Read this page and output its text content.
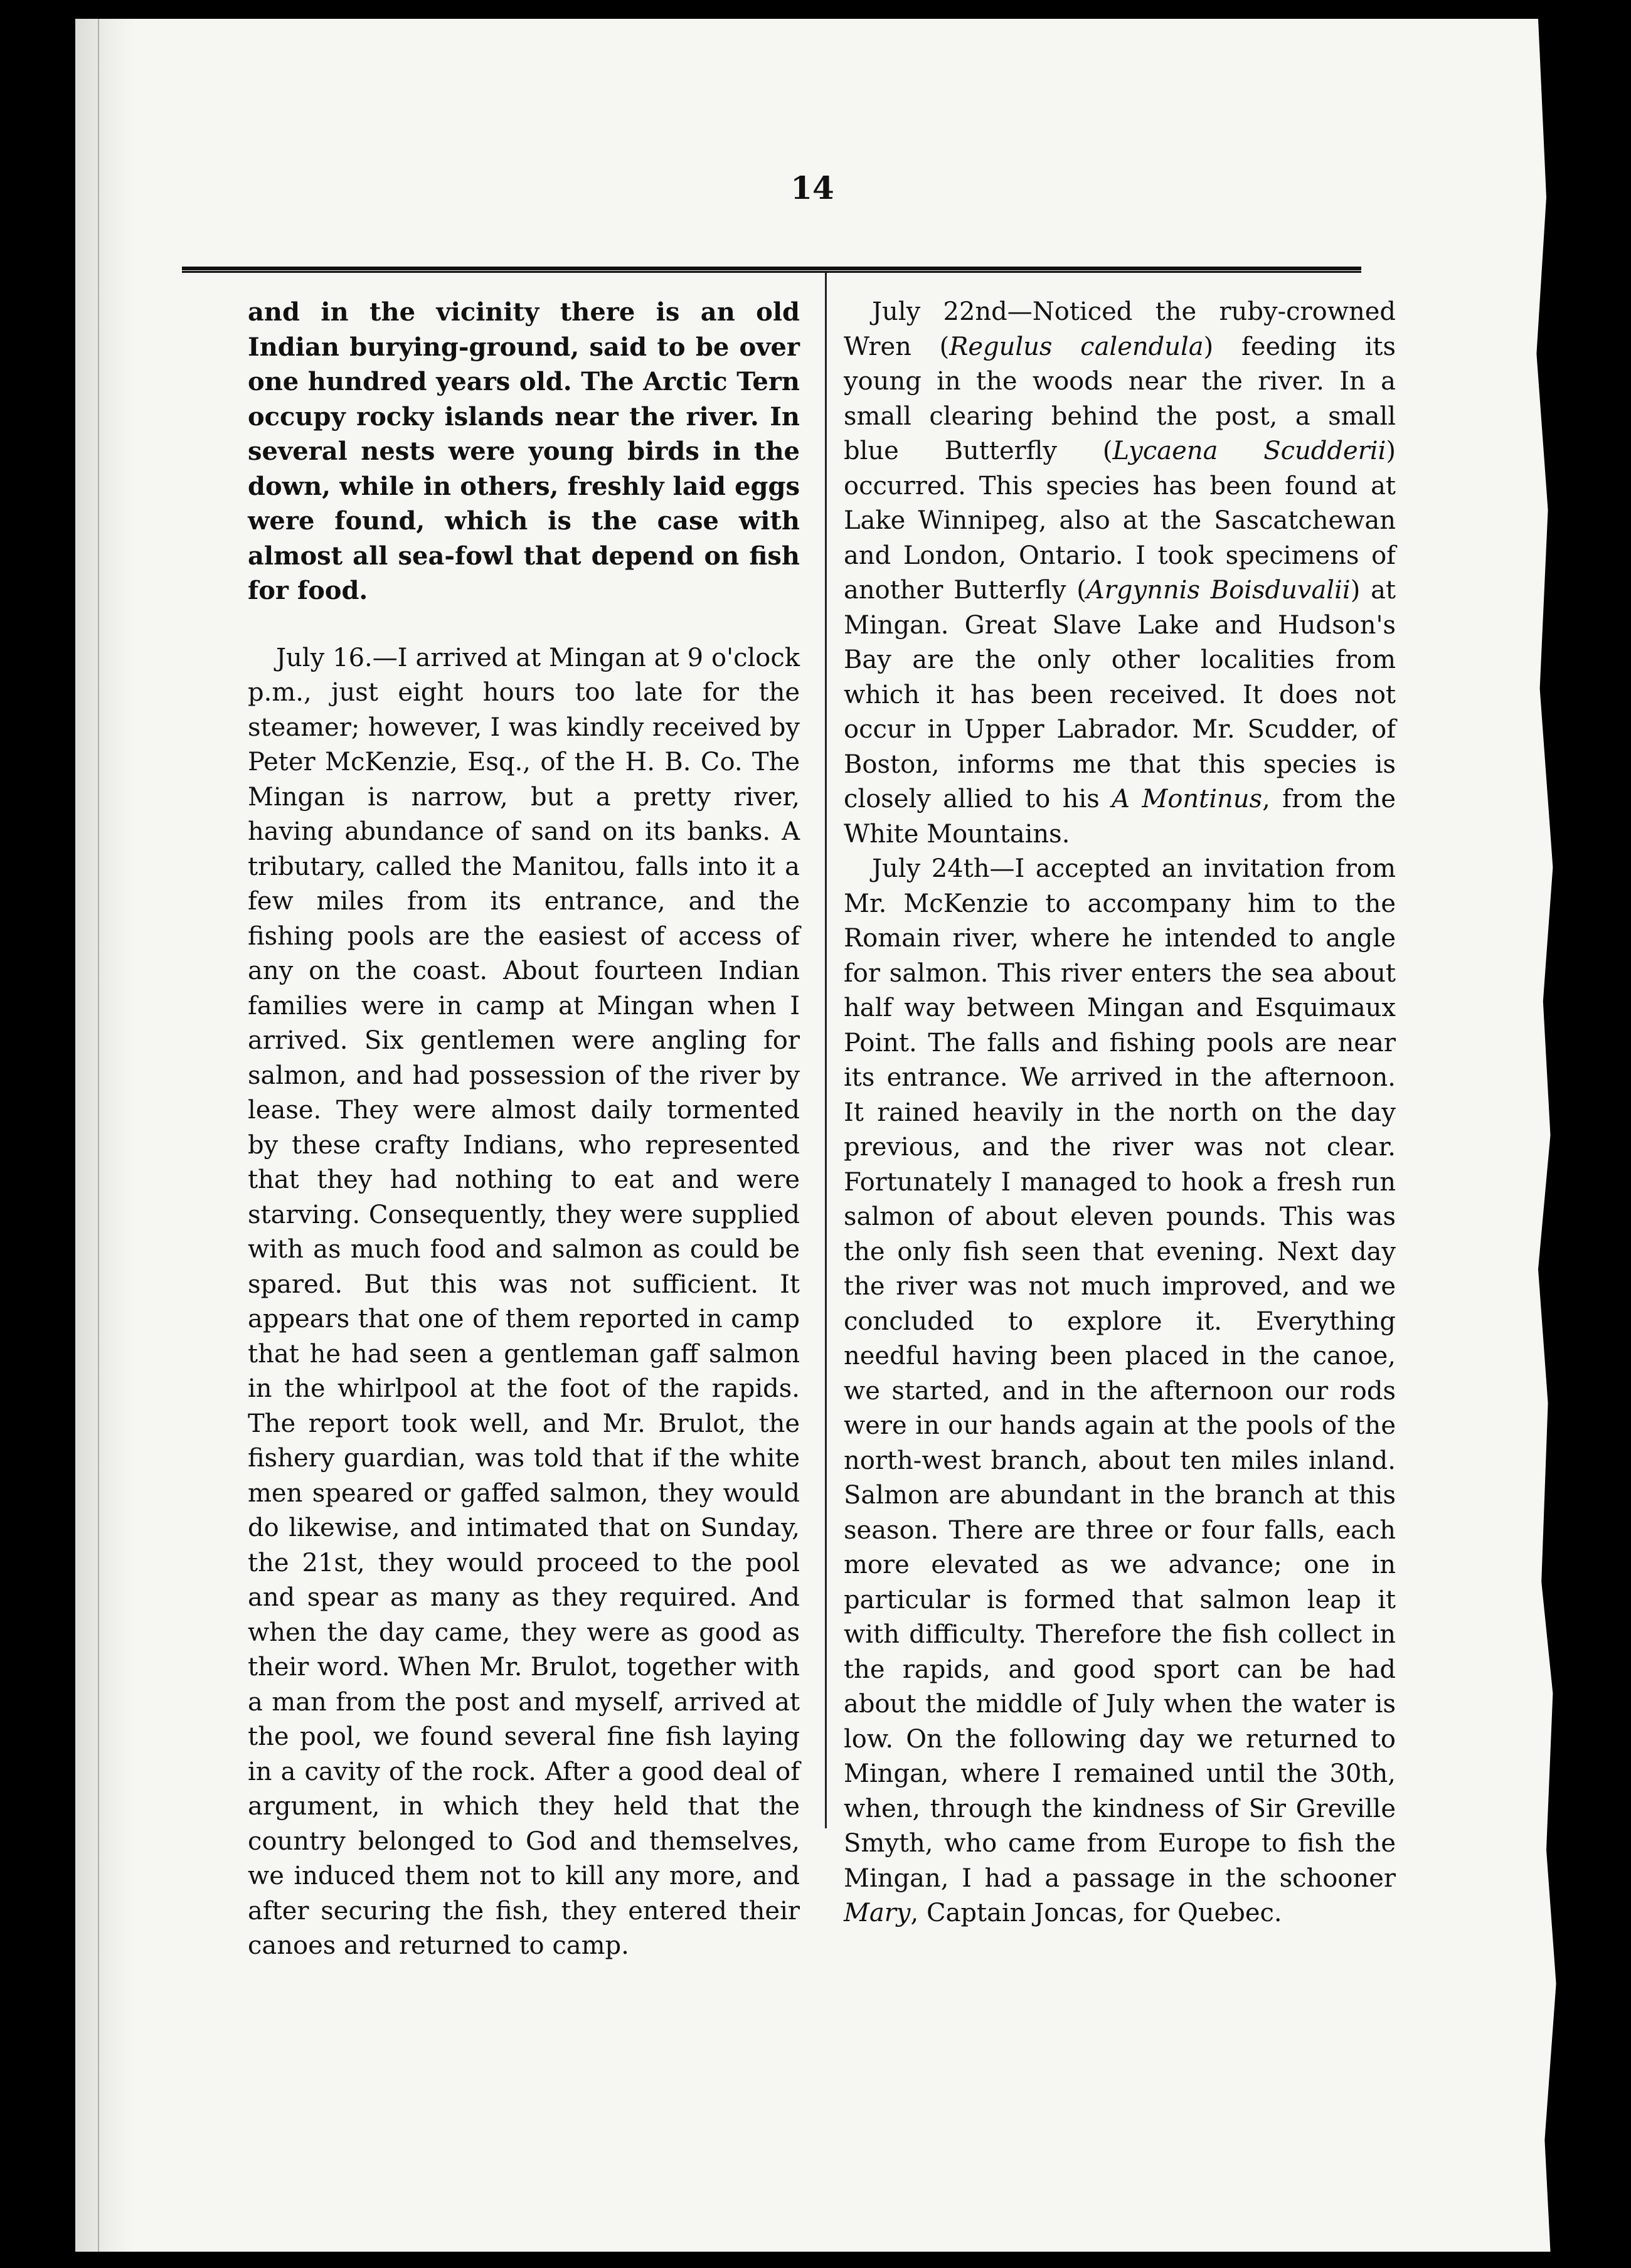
14

and in the vicinity there is an old Indian burying-ground, said to be over one hundred years old. The Arctic Tern occupy rocky islands near the river. In several nests were young birds in the down, while in others, freshly laid eggs were found, which is the case with almost all sea-fowl that depend on fish for food.

July 16.—I arrived at Mingan at 9 o'clock p.m., just eight hours too late for the steamer; however, I was kindly received by Peter McKenzie, Esq., of the H. B. Co. The Mingan is narrow, but a pretty river, having abundance of sand on its banks. A tributary, called the Manitou, falls into it a few miles from its entrance, and the fishing pools are the easiest of access of any on the coast. About fourteen Indian families were in camp at Mingan when I arrived. Six gentlemen were angling for salmon, and had possession of the river by lease. They were almost daily tormented by these crafty Indians, who represented that they had nothing to eat and were starving. Consequently, they were supplied with as much food and salmon as could be spared. But this was not sufficient. It appears that one of them reported in camp that he had seen a gentleman gaff salmon in the whirlpool at the foot of the rapids. The report took well, and Mr. Brulot, the fishery guardian, was told that if the white men speared or gaffed salmon, they would do likewise, and intimated that on Sunday, the 21st, they would proceed to the pool and spear as many as they required. And when the day came, they were as good as their word. When Mr. Brulot, together with a man from the post and myself, arrived at the pool, we found several fine fish laying in a cavity of the rock. After a good deal of argument, in which they held that the country belonged to God and themselves, we induced them not to kill any more, and after securing the fish, they entered their canoes and returned to camp.

July 22nd—Noticed the ruby-crowned Wren (Regulus calendula) feeding its young in the woods near the river. In a small clearing behind the post, a small blue Butterfly (Lycaena Scudderii) occurred. This species has been found at Lake Winnipeg, also at the Sascatchewan and London, Ontario. I took specimens of another Butterfly (Argynnis Boisduvalii) at Mingan. Great Slave Lake and Hudson's Bay are the only other localities from which it has been received. It does not occur in Upper Labrador. Mr. Scudder, of Boston, informs me that this species is closely allied to his A Montinus, from the White Mountains.

July 24th—I accepted an invitation from Mr. McKenzie to accompany him to the Romain river, where he intended to angle for salmon. This river enters the sea about half way between Mingan and Esquimaux Point. The falls and fishing pools are near its entrance. We arrived in the afternoon. It rained heavily in the north on the day previous, and the river was not clear. Fortunately I managed to hook a fresh run salmon of about eleven pounds. This was the only fish seen that evening. Next day the river was not much improved, and we concluded to explore it. Everything needful having been placed in the canoe, we started, and in the afternoon our rods were in our hands again at the pools of the north-west branch, about ten miles inland. Salmon are abundant in the branch at this season. There are three or four falls, each more elevated as we advance; one in particular is formed that salmon leap it with difficulty. Therefore the fish collect in the rapids, and good sport can be had about the middle of July when the water is low. On the following day we returned to Mingan, where I remained until the 30th, when, through the kindness of Sir Greville Smyth, who came from Europe to fish the Mingan, I had a passage in the schooner Mary, Captain Joncas, for Quebec.
